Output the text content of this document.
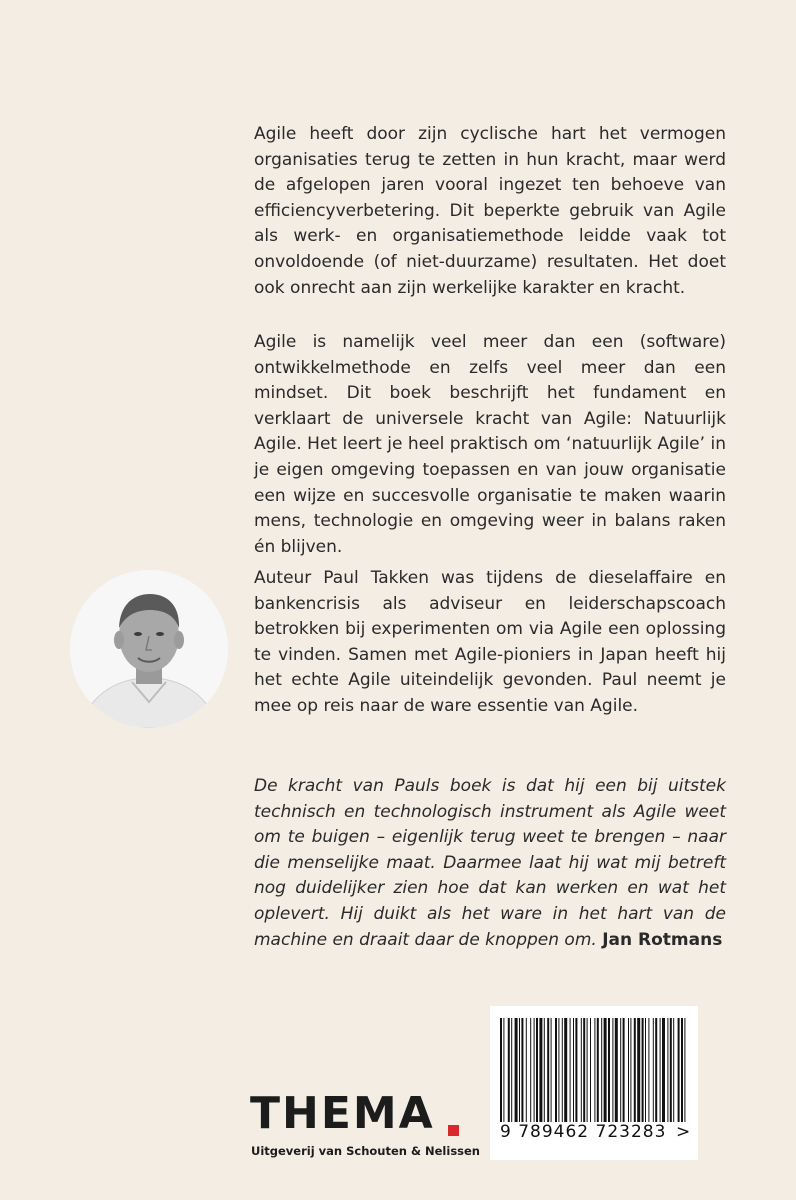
Agile heeft door zijn cyclische hart het vermogen organisaties terug te zetten in hun kracht, maar werd de afgelopen jaren vooral ingezet ten behoeve van efficiencyverbetering. Dit beperkte gebruik van Agile als werk- en organisatiemethode leidde vaak tot onvoldoende (of niet-duurzame) resultaten. Het doet ook onrecht aan zijn werkelijke karakter en kracht.

Agile is namelijk veel meer dan een (software) ontwikkelmethode en zelfs veel meer dan een mindset. Dit boek beschrijft het fundament en verklaart de universele kracht van Agile: Natuurlijk Agile. Het leert je heel praktisch om ‘natuurlijk Agile’ in je eigen omgeving toepassen en van jouw organisatie een wijze en succesvolle organisatie te maken waarin mens, technologie en omgeving weer in balans raken én blijven.

Auteur Paul Takken was tijdens de dieselaffaire en bankencrisis als adviseur en leiderschapscoach betrokken bij experimenten om via Agile een oplossing te vinden. Samen met Agile-pioniers in Japan heeft hij het echte Agile uiteindelijk gevonden. Paul neemt je mee op reis naar de ware essentie van Agile.

De kracht van Pauls boek is dat hij een bij uitstek technisch en technologisch instrument als Agile weet om te buigen – eigenlijk terug weet te brengen – naar die menselijke maat. Daarmee laat hij wat mij betreft nog duidelijker zien hoe dat kan werken en wat het oplevert. Hij duikt als het ware in het hart van de machine en draait daar de knoppen om. Jan Rotmans

9 789462 723283 >
THEMA
Uitgeverij van Schouten & Nelissen
